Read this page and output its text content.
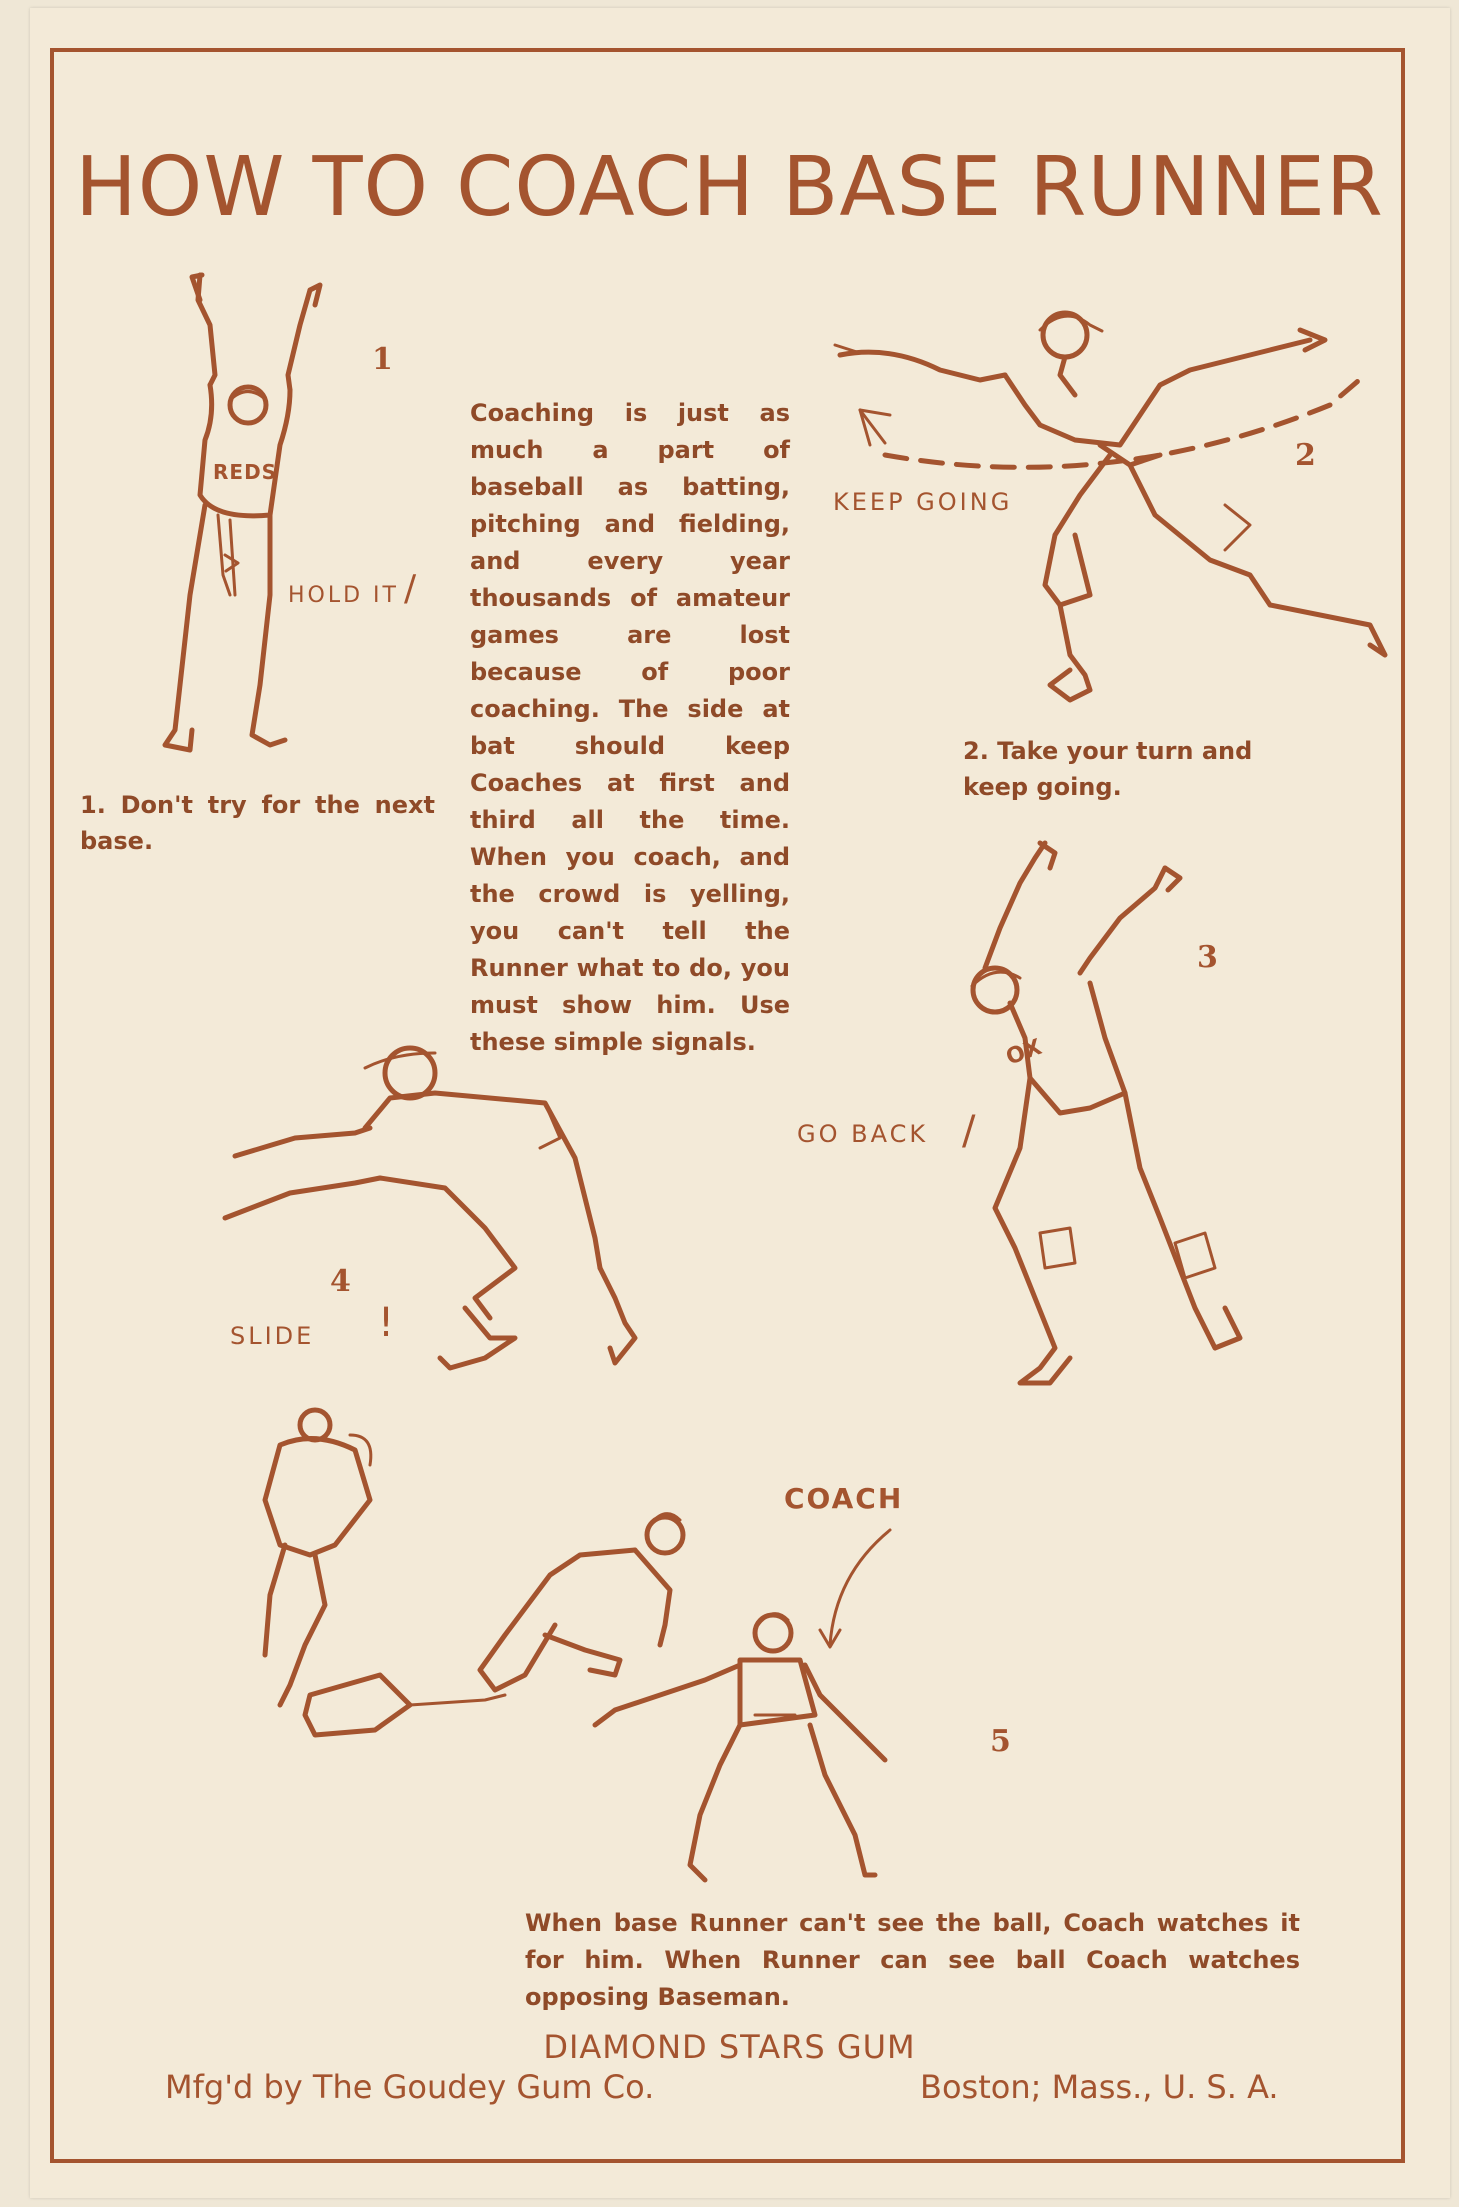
HOW TO COACH BASE RUNNER
REDS
1
HOLD IT /
1. Don't try for the next base.
Coaching is just as much a part of baseball as batting, pitching and fielding, and every year thousands of amateur games are lost because of poor coaching. The side at bat should keep Coaches at first and third all the time. When you coach, and the crowd is yelling, you can't tell the Runner what to do, you must show him. Use these simple signals.
2
KEEP GOING
2. Take your turn and keep going.
OX
3
GO BACK /
4
SLIDE !
COACH
5
When base Runner can't see the ball, Coach watches it for him. When Runner can see ball Coach watches opposing Baseman.
DIAMOND STARS GUM
Mfg'd by The Goudey Gum Co.	Boston; Mass., U. S. A.
